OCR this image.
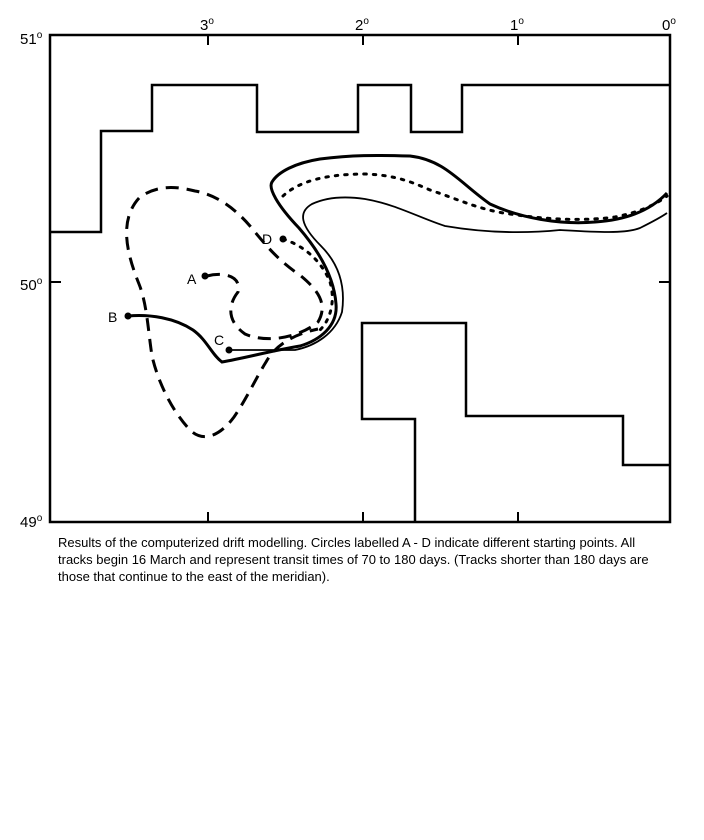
3$^o$	2$^o$	1$^o$	0$^o$
51$^o$
50$^o$
49$^o$
A
B
C
D

Results of the computerized drift modelling. Circles labelled A - D indicate different starting points. All tracks begin 16 March and represent transit times of 70 to 180 days. (Tracks shorter than 180 days are those that continue to the east of the meridian).
